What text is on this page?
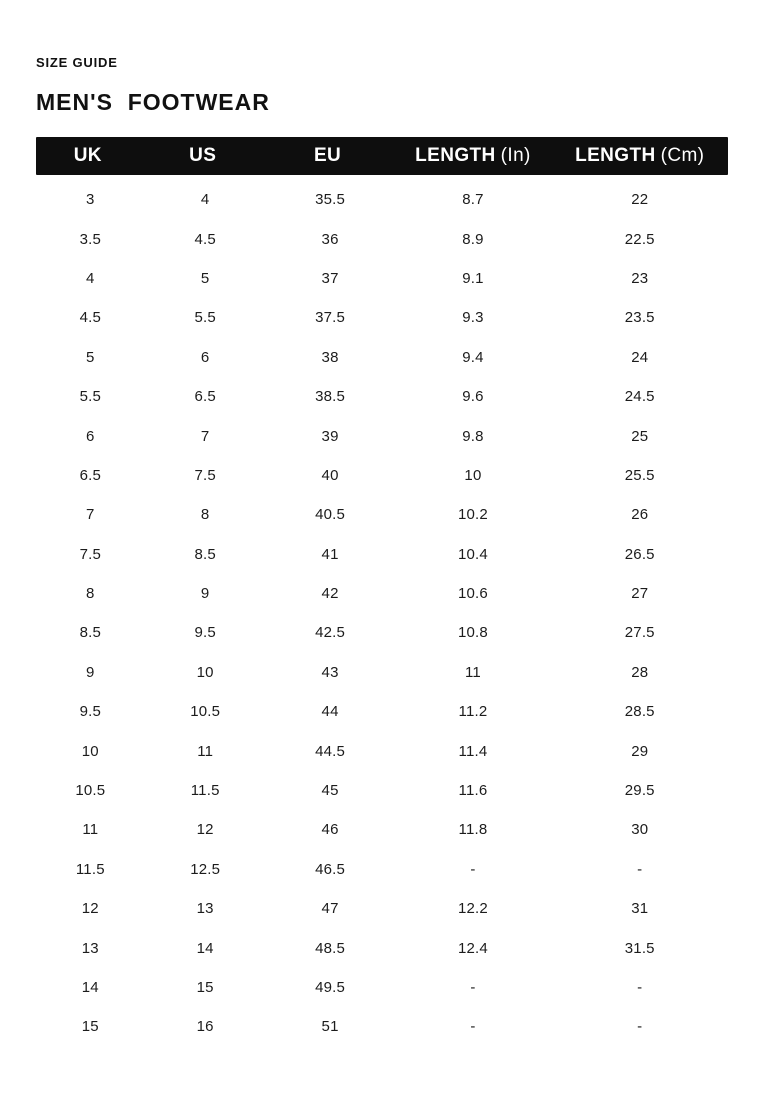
SIZE GUIDE
MEN'S  FOOTWEAR
UK	US	EU	LENGTH (In)	LENGTH (Cm)
3	4	35.5	8.7	22
3.5	4.5	36	8.9	22.5
4	5	37	9.1	23
4.5	5.5	37.5	9.3	23.5
5	6	38	9.4	24
5.5	6.5	38.5	9.6	24.5
6	7	39	9.8	25
6.5	7.5	40	10	25.5
7	8	40.5	10.2	26
7.5	8.5	41	10.4	26.5
8	9	42	10.6	27
8.5	9.5	42.5	10.8	27.5
9	10	43	11	28
9.5	10.5	44	11.2	28.5
10	11	44.5	11.4	29
10.5	11.5	45	11.6	29.5
11	12	46	11.8	30
11.5	12.5	46.5	-	-
12	13	47	12.2	31
13	14	48.5	12.4	31.5
14	15	49.5	-	-
15	16	51	-	-
